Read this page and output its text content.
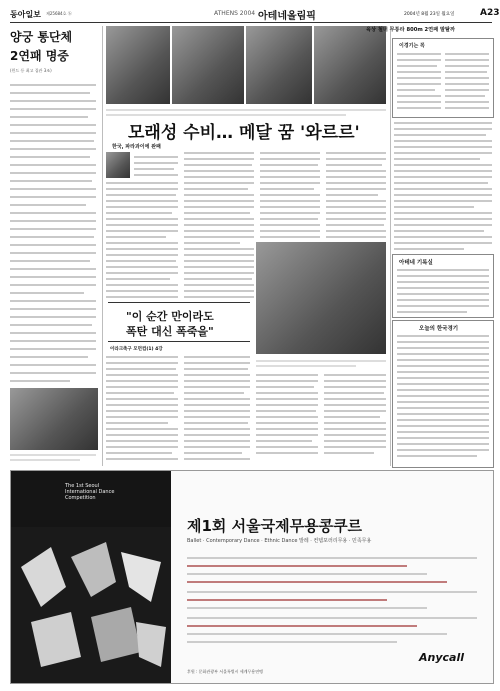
동아일보 제25684호 ⓑ	ATHENS 2004 아테네올림픽	2004년 8월 23일 월요일	A23
양궁 통단체
2연패 명중
(윈드 등 최고 집관 3조)
모래성 수비… 메달 꿈 '와르르'
한국, 파라과이에 완패
"이 순간 만이라도
폭탄 대신 폭죽을"
이라크축구 모먼컵(1) 4강
육상 철녀 무통라 800m 2연패 말탈까
이경기는 꼭
아테네 기록실
오늘의 한국경기
The 1st Seoul International Dance Competition
제1회 서울국제무용콩쿠르
Ballet · Contemporary Dance · Ethnic Dance 발레 · 컨템포러리무용 · 민족무용
Anycall
후원 : 문화관광부 서울특별시 세계무용연맹
